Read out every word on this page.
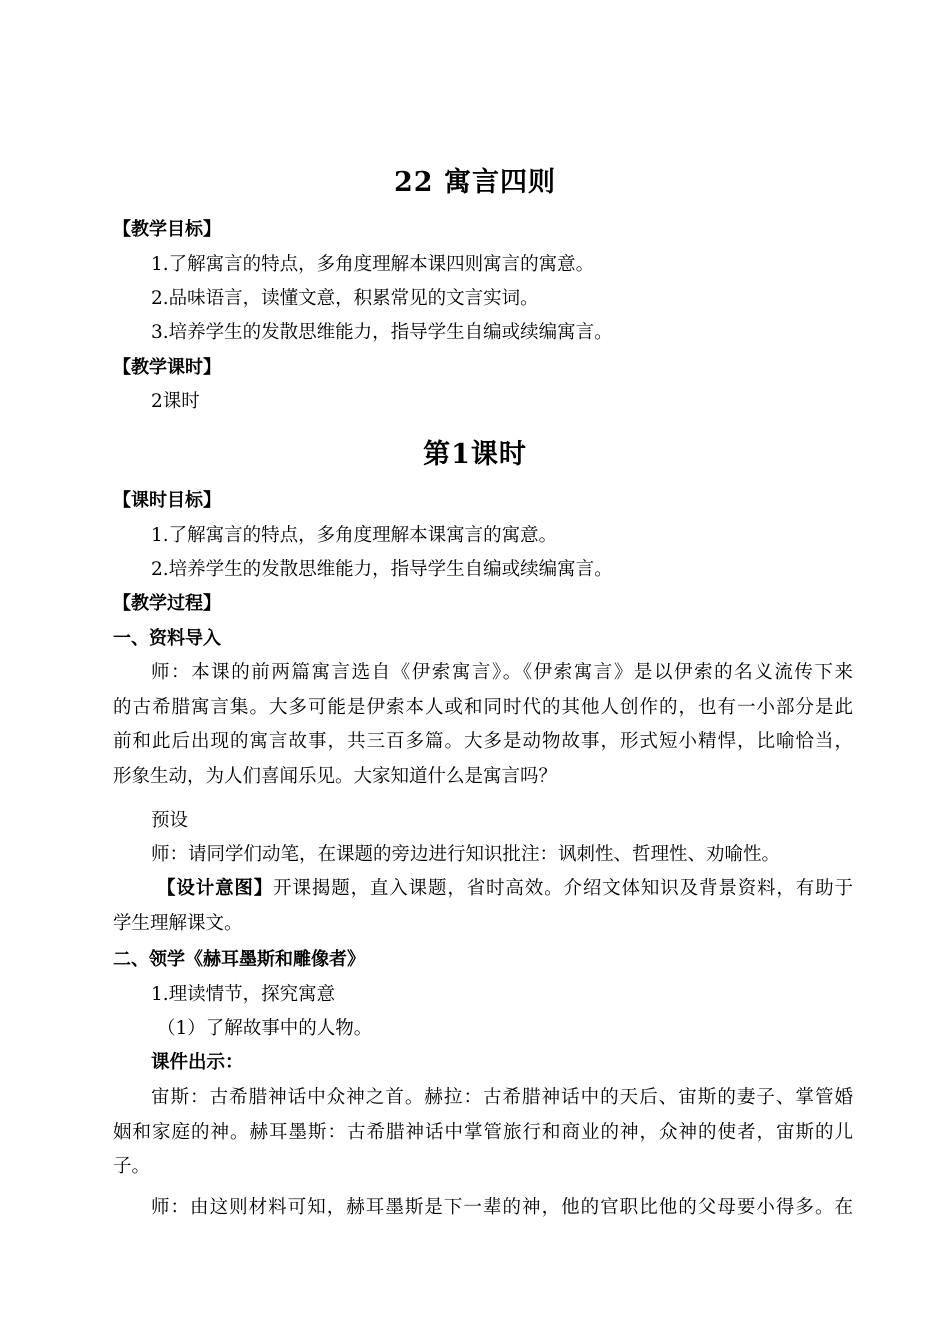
22 寓言四则
【教学目标】
1.了解寓言的特点，多角度理解本课四则寓言的寓意。
2.品味语言，读懂文意，积累常见的文言实词。
3.培养学生的发散思维能力，指导学生自编或续编寓言。
【教学课时】
2课时
第1课时
【课时目标】
1.了解寓言的特点，多角度理解本课寓言的寓意。
2.培养学生的发散思维能力，指导学生自编或续编寓言。
【教学过程】
一、资料导入
师：本课的前两篇寓言选自《伊索寓言》。《伊索寓言》是以伊索的名义流传下来
的古希腊寓言集。大多可能是伊索本人或和同时代的其他人创作的，也有一小部分是此
前和此后出现的寓言故事，共三百多篇。大多是动物故事，形式短小精悍，比喻恰当，
形象生动，为人们喜闻乐见。大家知道什么是寓言吗？
预设
师：请同学们动笔，在课题的旁边进行知识批注：讽刺性、哲理性、劝喻性。
【设计意图】开课揭题，直入课题，省时高效。介绍文体知识及背景资料，有助于
学生理解课文。
二、领学《赫耳墨斯和雕像者》
1.理读情节，探究寓意
（1）了解故事中的人物。
课件出示：
宙斯：古希腊神话中众神之首。赫拉：古希腊神话中的天后、宙斯的妻子、掌管婚
姻和家庭的神。赫耳墨斯：古希腊神话中掌管旅行和商业的神，众神的使者，宙斯的儿
子。
师：由这则材料可知，赫耳墨斯是下一辈的神，他的官职比他的父母要小得多。在
